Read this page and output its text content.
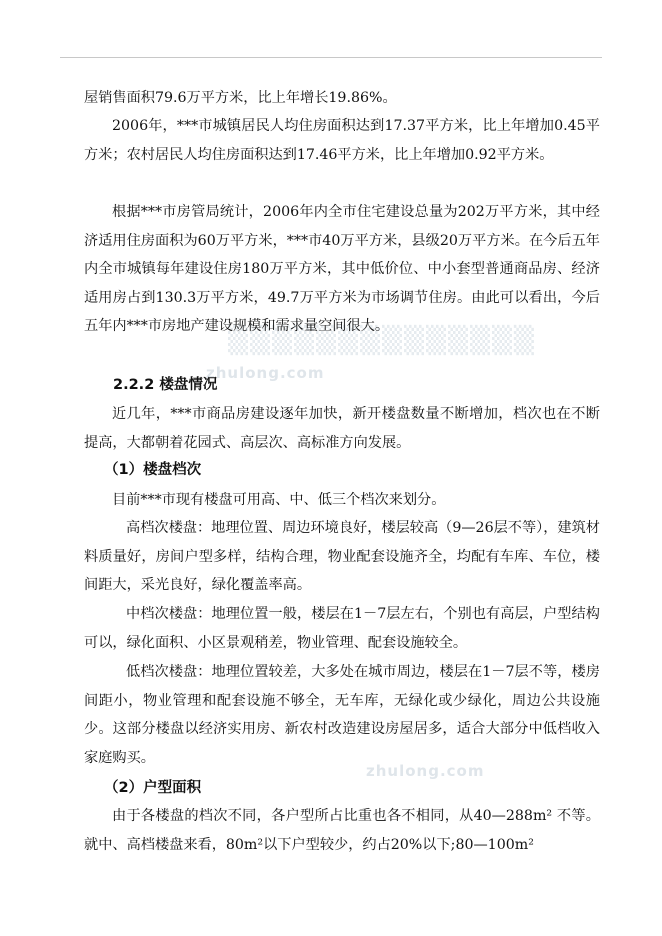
▒▒▒▒▒▒▒▒▒▒▒▒▒▒
zhulong.com
zhulong.com
屋销售面积79.6万平方米，比上年增长19.86%。
2006年，***市城镇居民人均住房面积达到17.37平方米，比上年增加0.45平方米；农村居民人均住房面积达到17.46平方米，比上年增加0.92平方米。
根据***市房管局统计，2006年内全市住宅建设总量为202万平方米，其中经济适用住房面积为60万平方米，***市40万平方米，县级20万平方米。在今后五年内全市城镇每年建设住房180万平方米，其中低价位、中小套型普通商品房、经济适用房占到130.3万平方米，49.7万平方米为市场调节住房。由此可以看出，今后五年内***市房地产建设规模和需求量空间很大。
2.2.2 楼盘情况
近几年，***市商品房建设逐年加快，新开楼盘数量不断增加，档次也在不断提高，大都朝着花园式、高层次、高标准方向发展。
（1）楼盘档次
目前***市现有楼盘可用高、中、低三个档次来划分。
高档次楼盘：地理位置、周边环境良好，楼层较高（9—26层不等），建筑材料质量好，房间户型多样，结构合理，物业配套设施齐全，均配有车库、车位，楼间距大，采光良好，绿化覆盖率高。
中档次楼盘：地理位置一般，楼层在1－7层左右，个别也有高层，户型结构可以，绿化面积、小区景观稍差，物业管理、配套设施较全。
低档次楼盘：地理位置较差，大多处在城市周边，楼层在1－7层不等，楼房间距小，物业管理和配套设施不够全，无车库，无绿化或少绿化，周边公共设施少。这部分楼盘以经济实用房、新农村改造建设房屋居多，适合大部分中低档收入家庭购买。
（2）户型面积
由于各楼盘的档次不同，各户型所占比重也各不相同，从40—288m² 不等。就中、高档楼盘来看，80m²以下户型较少，约占20%以下;80—100m²
